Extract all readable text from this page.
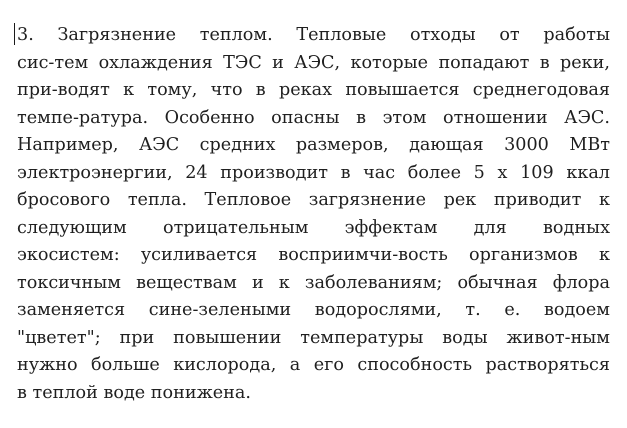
3. Загрязнение теплом. Тепловые отходы от работы
сис-тем охлаждения ТЭС и АЭС, которые попадают в реки,
при-водят к тому, что в реках повышается среднегодовая
темпе-ратура. Особенно опасны в этом отношении АЭС.
Например, АЭС средних размеров, дающая 3000 МВт
электроэнергии, 24 производит в час более 5 x 109 ккал
бросового тепла. Тепловое загрязнение рек приводит к
следующим отрицательным эффектам для водных
экосистем: усиливается восприимчи-вость организмов к
токсичным веществам и к заболеваниям; обычная флора
заменяется сине-зелеными водорослями, т. е. водоем
"цветет"; при повышении температуры воды живот-ным
нужно больше кислорода, а его способность растворяться
в теплой воде понижена.
